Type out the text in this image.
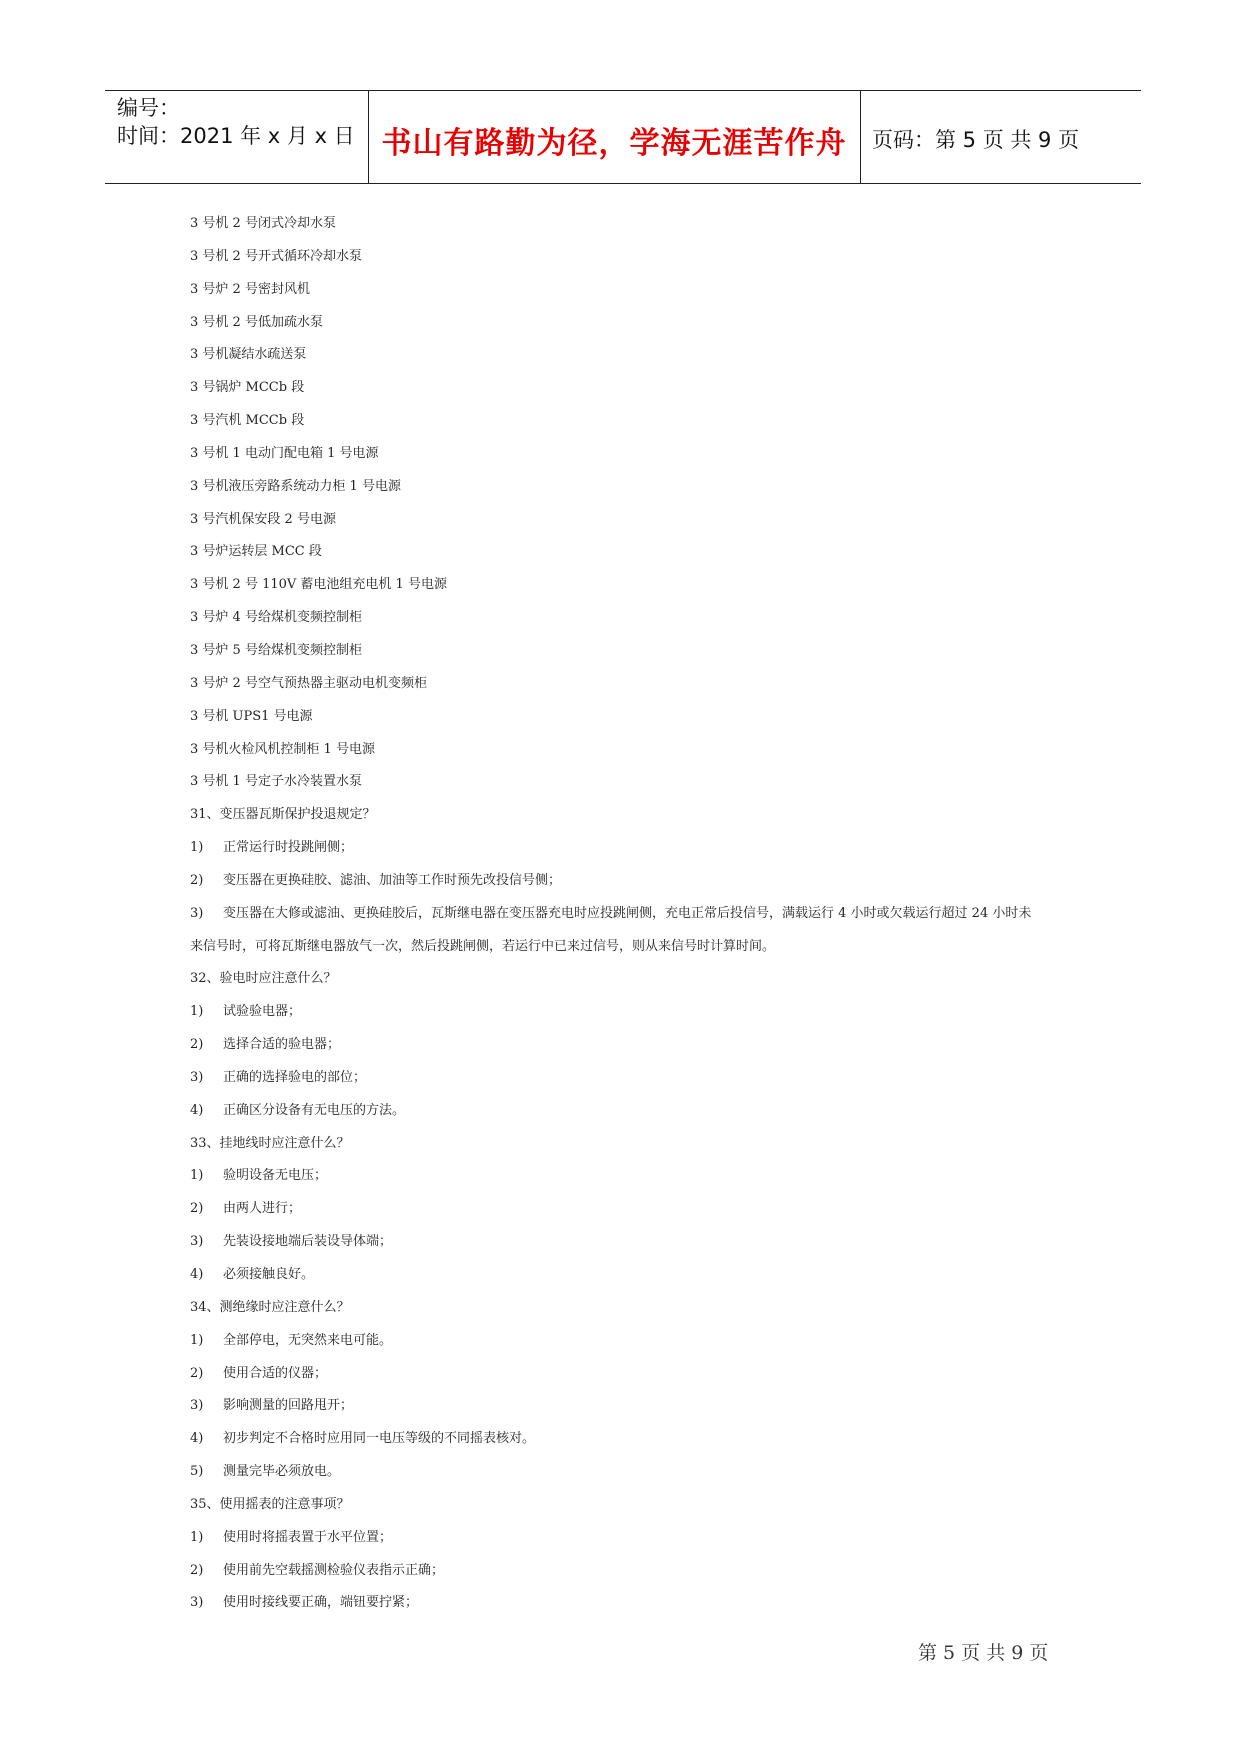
编号：
时间：2021 年 x 月 x 日 书山有路勤为径，学海无涯苦作舟	页码：第 5 页 共 9 页
3 号机 2 号闭式冷却水泵
3 号机 2 号开式循环冷却水泵
3 号炉 2 号密封风机
3 号机 2 号低加疏水泵
3 号机凝结水疏送泵
3 号锅炉 MCCb 段
3 号汽机 MCCb 段
3 号机 1 电动门配电箱 1 号电源
3 号机液压旁路系统动力柜 1 号电源
3 号汽机保安段 2 号电源
3 号炉运转层 MCC 段
3 号机 2 号 110V 蓄电池组充电机 1 号电源
3 号炉 4 号给煤机变频控制柜
3 号炉 5 号给煤机变频控制柜
3 号炉 2 号空气预热器主驱动电机变频柜
3 号机 UPS1 号电源
3 号机火检风机控制柜 1 号电源
3 号机 1 号定子水冷装置水泵
31、变压器瓦斯保护投退规定？
1)	正常运行时投跳闸侧；
2)	变压器在更换硅胶、滤油、加油等工作时预先改投信号侧；
3)	变压器在大修或滤油、更换硅胶后，瓦斯继电器在变压器充电时应投跳闸侧，充电正常后投信号，满载运行 4 小时或欠载运行超过 24 小时未
来信号时，可将瓦斯继电器放气一次，然后投跳闸侧，若运行中已来过信号，则从来信号时计算时间。
32、验电时应注意什么？
1)	试验验电器；
2)	选择合适的验电器；
3)	正确的选择验电的部位；
4)	正确区分设备有无电压的方法。
33、挂地线时应注意什么？
1)	验明设备无电压；
2)	由两人进行；
3)	先装设接地端后装设导体端；
4)	必须接触良好。
34、测绝缘时应注意什么？
1)	全部停电，无突然来电可能。
2)	使用合适的仪器；
3)	影响测量的回路甩开；
4)	初步判定不合格时应用同一电压等级的不同摇表核对。
5)	测量完毕必须放电。
35、使用摇表的注意事项？
1)	使用时将摇表置于水平位置；
2)	使用前先空载摇测检验仪表指示正确；
3)	使用时接线要正确，端钮要拧紧；
第 5 页 共 9 页
